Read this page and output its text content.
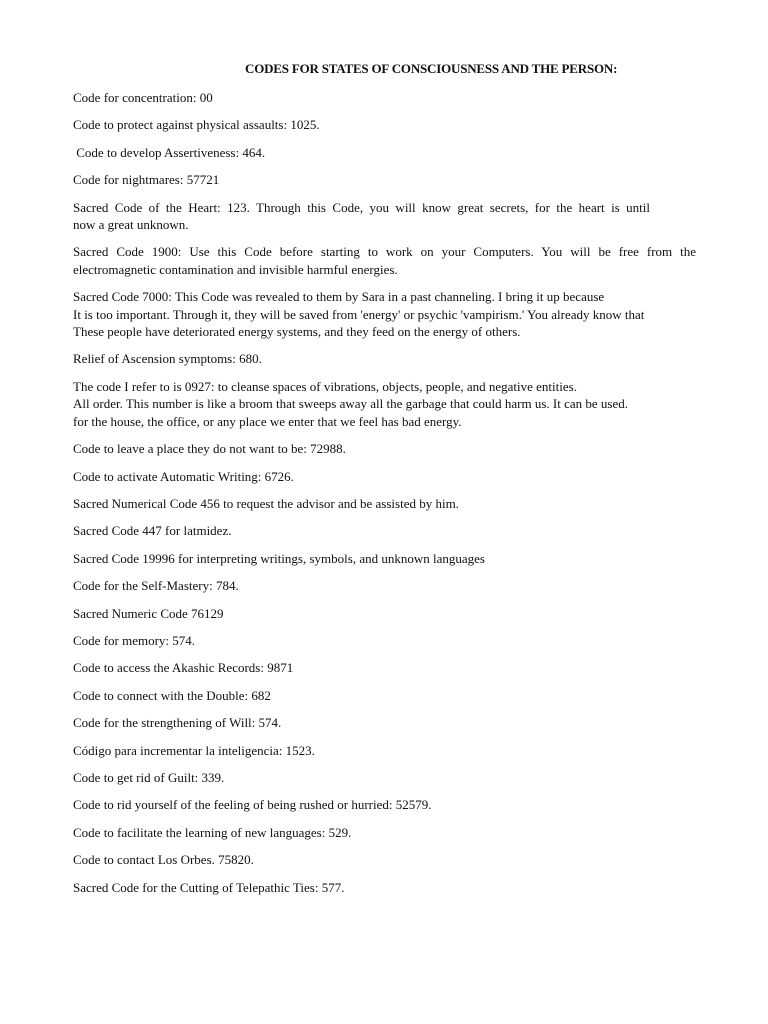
CODES FOR STATES OF CONSCIOUSNESS AND THE PERSON:
Code for concentration: 00
Code to protect against physical assaults: 1025.
Code to develop Assertiveness: 464.
Code for nightmares: 57721
Sacred Code of the Heart: 123. Through this Code, you will know great secrets, for the heart is until
now a great unknown.
Sacred Code 1900: Use this Code before starting to work on your Computers. You will be free from the
electromagnetic contamination and invisible harmful energies.
Sacred Code 7000: This Code was revealed to them by Sara in a past channeling. I bring it up because
It is too important. Through it, they will be saved from 'energy' or psychic 'vampirism.' You already know that
These people have deteriorated energy systems, and they feed on the energy of others.
Relief of Ascension symptoms: 680.
The code I refer to is 0927: to cleanse spaces of vibrations, objects, people, and negative entities.
All order. This number is like a broom that sweeps away all the garbage that could harm us. It can be used.
for the house, the office, or any place we enter that we feel has bad energy.
Code to leave a place they do not want to be: 72988.
Code to activate Automatic Writing: 6726.
Sacred Numerical Code 456 to request the advisor and be assisted by him.
Sacred Code 447 for latmidez.
Sacred Code 19996 for interpreting writings, symbols, and unknown languages
Code for the Self-Mastery: 784.
Sacred Numeric Code 76129
Code for memory: 574.
Code to access the Akashic Records: 9871
Code to connect with the Double: 682
Code for the strengthening of Will: 574.
Código para incrementar la inteligencia: 1523.
Code to get rid of Guilt: 339.
Code to rid yourself of the feeling of being rushed or hurried: 52579.
Code to facilitate the learning of new languages: 529.
Code to contact Los Orbes. 75820.
Sacred Code for the Cutting of Telepathic Ties: 577.
